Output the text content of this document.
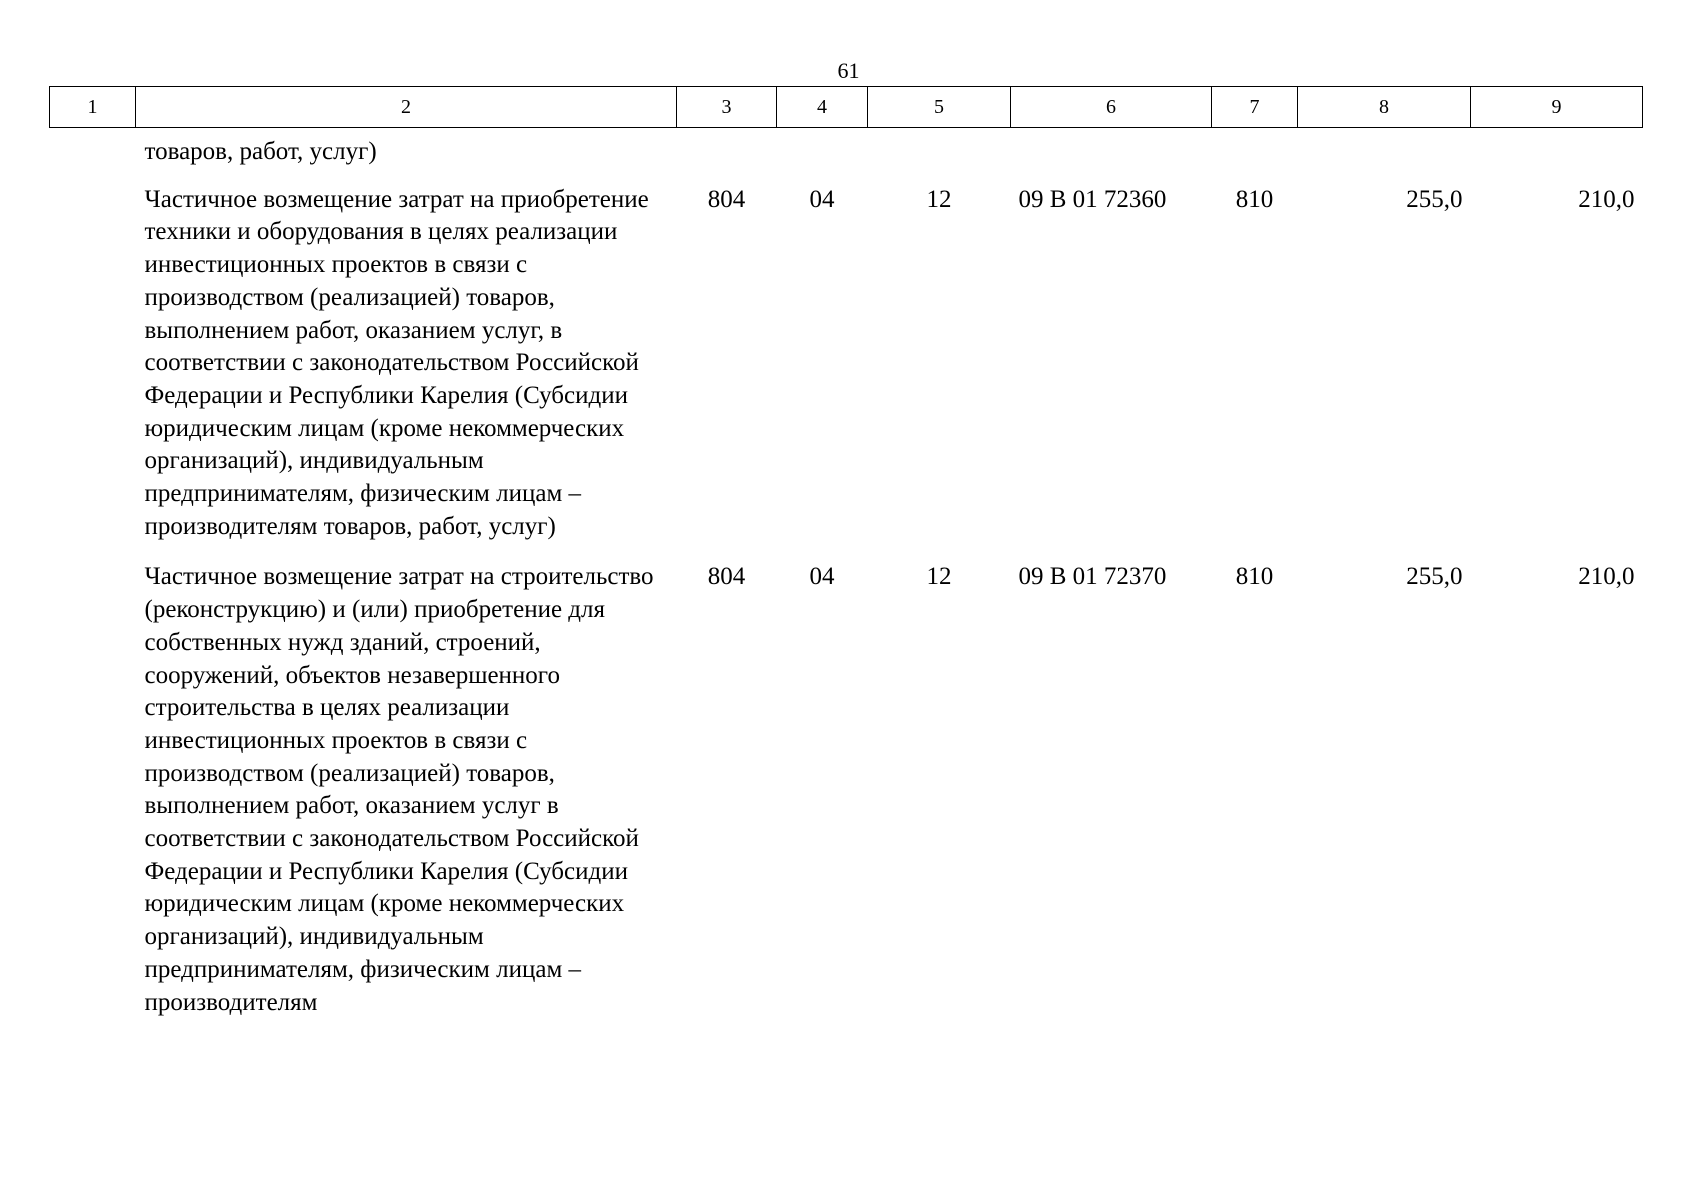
61
1	2	3	4	5	6	7	8	9
товаров, работ, услуг)								
Частичное возмещение затрат на приобретение техники и оборудования в целях реализации инвестиционных проектов в связи с производством (реализацией) товаров, выполнением работ, оказанием услуг, в соответствии с законодательством Российской Федерации и Республики Карелия (Субсидии юридическим лицам (кроме некоммерческих организаций), индивидуальным предпринимателям, физическим лицам – производителям товаров, работ, услуг)		804	04	12	09 В 01 72360	810	255,0	210,0
Частичное возмещение затрат на строительство (реконструкцию) и (или) приобретение для собственных нужд зданий, строений, сооружений, объектов незавершенного строительства в целях реализации инвестиционных проектов в связи с производством (реализацией) товаров, выполнением работ, оказанием услуг в соответствии с законодательством Российской Федерации и Республики Карелия (Субсидии юридическим лицам (кроме некоммерческих организаций), индивидуальным предпринимателям, физическим лицам – производителям		804	04	12	09 В 01 72370	810	255,0	210,0
